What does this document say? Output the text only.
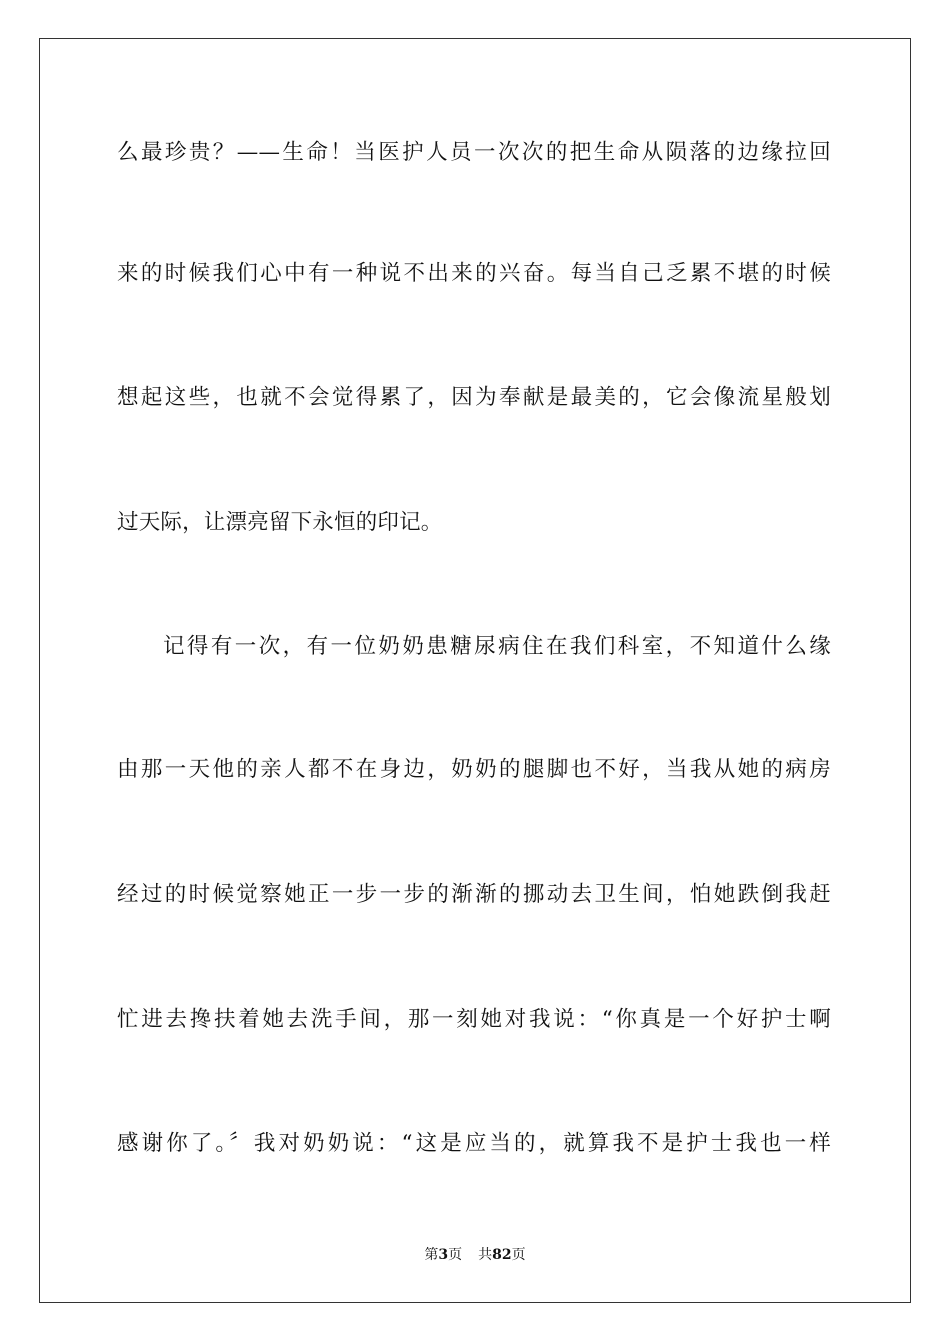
么最珍贵？——生命！当医护人员一次次的把生命从陨落的边缘拉回
来的时候我们心中有一种说不出来的兴奋。每当自己乏累不堪的时候
想起这些，也就不会觉得累了，因为奉献是最美的，它会像流星般划
过天际，让漂亮留下永恒的印记。
记得有一次，有一位奶奶患糖尿病住在我们科室，不知道什么缘
由那一天他的亲人都不在身边，奶奶的腿脚也不好，当我从她的病房
经过的时候觉察她正一步一步的渐渐的挪动去卫生间，怕她跌倒我赶
忙进去搀扶着她去洗手间，那一刻她对我说：“你真是一个好护士啊
感谢你了。〞我对奶奶说：“这是应当的，就算我不是护士我也一样
第3页 共82页
